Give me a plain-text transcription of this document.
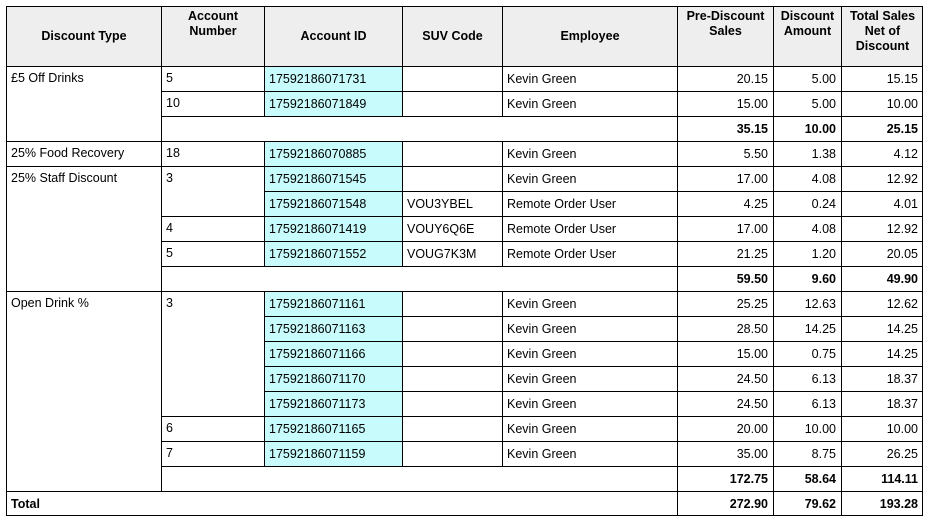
193.28
79.62
272.90
Total
114.11
58.64
172.75
26.25
8.75
35.00
Kevin Green
17592186071159
10.00
10.00
20.00
Kevin Green
17592186071165
18.37
6.13
24.50
Kevin Green
17592186071173
18.37
6.13
24.50
Kevin Green
17592186071170
14.25
0.75
15.00
Kevin Green
17592186071166
14.25
14.25
28.50
Kevin Green
17592186071163
12.62
12.63
25.25
Kevin Green
17592186071161
7
6
3
Open Drink %
49.90
9.60
59.50
20.05
1.20
21.25
Remote Order User
VOUG7K3M
17592186071552
12.92
4.08
17.00
Remote Order User
VOUY6Q6E
17592186071419
4.01
0.24
4.25
Remote Order User
VOU3YBEL
17592186071548
12.92
4.08
17.00
Kevin Green
17592186071545
5
4
3
25% Staff Discount
4.12
1.38
5.50
Kevin Green
17592186070885
18
25% Food Recovery
25.15
10.00
35.15
10.00
5.00
15.00
Kevin Green
17592186071849
15.15
5.00
20.15
Kevin Green
17592186071731
10
5
£5 Off Drinks
Total Sales Net of Discount
Discount Amount
Pre-Discount Sales
Employee
SUV Code
Account ID
Account Number
Discount Type
